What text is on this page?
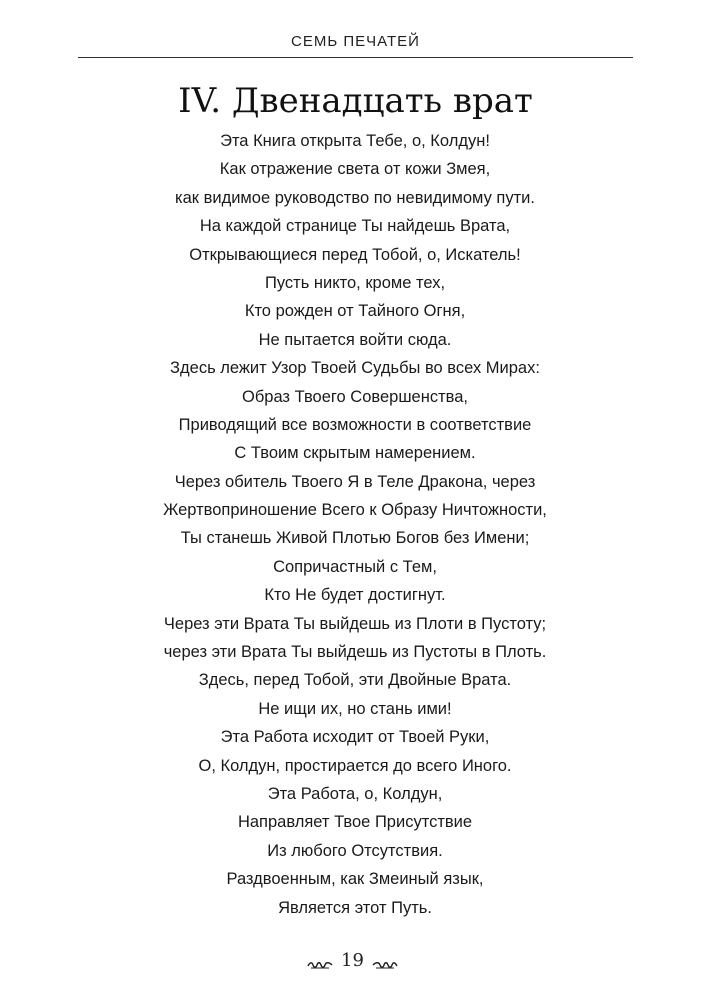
СЕМЬ ПЕЧАТЕЙ
IV. Двенадцать врат
Эта Книга открыта Тебе, о, Колдун!
Как отражение света от кожи Змея,
как видимое руководство по невидимому пути.
На каждой странице Ты найдешь Врата,
Открывающиеся перед Тобой, о, Искатель!
Пусть никто, кроме тех,
Кто рожден от Тайного Огня,
Не пытается войти сюда.
Здесь лежит Узор Твоей Судьбы во всех Мирах:
Образ Твоего Совершенства,
Приводящий все возможности в соответствие
С Твоим скрытым намерением.
Через обитель Твоего Я в Теле Дракона, через
Жертвоприношение Всего к Образу Ничтожности,
Ты станешь Живой Плотью Богов без Имени;
Сопричастный с Тем,
Кто Не будет достигнут.
Через эти Врата Ты выйдешь из Плоти в Пустоту;
через эти Врата Ты выйдешь из Пустоты в Плоть.
Здесь, перед Тобой, эти Двойные Врата.
Не ищи их, но стань ими!
Эта Работа исходит от Твоей Руки,
О, Колдун, простирается до всего Иного.
Эта Работа, о, Колдун,
Направляет Твое Присутствие
Из любого Отсутствия.
Раздвоенным, как Змеиный язык,
Является этот Путь.
19
